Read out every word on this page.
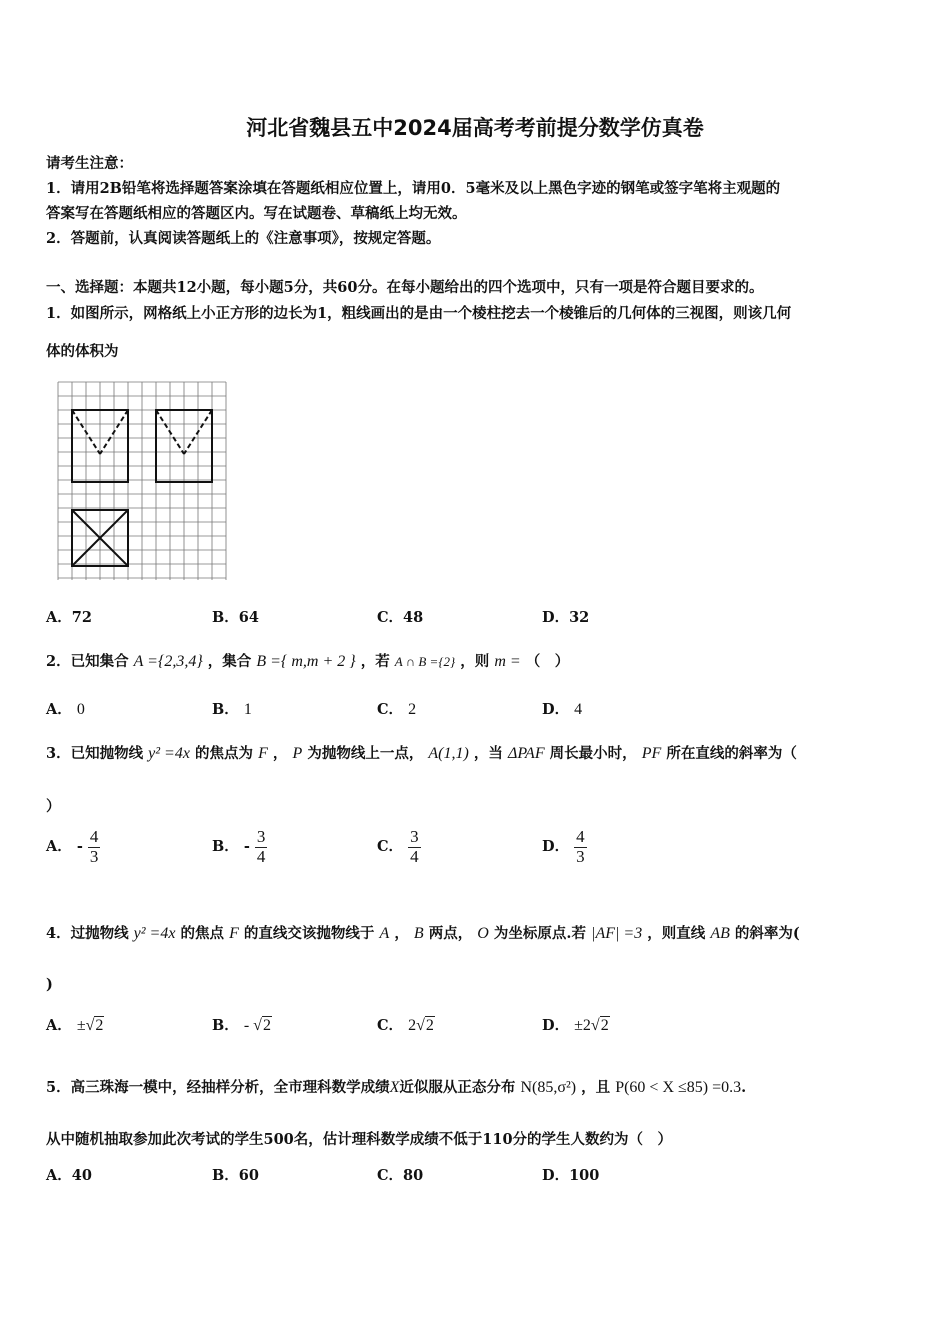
河北省魏县五中2024届高考考前提分数学仿真卷
请考生注意：
1．请用2B铅笔将选择题答案涂填在答题纸相应位置上，请用0．5毫米及以上黑色字迹的钢笔或签字笔将主观题的
答案写在答题纸相应的答题区内。写在试题卷、草稿纸上均无效。
2．答题前，认真阅读答题纸上的《注意事项》，按规定答题。
一、选择题：本题共12小题，每小题5分，共60分。在每小题给出的四个选项中，只有一项是符合题目要求的。
1．如图所示，网格纸上小正方形的边长为1，粗线画出的是由一个棱柱挖去一个棱锥后的几何体的三视图，则该几何
体的体积为
A．72	B．64	C．48	D．32
2．已知集合 A ={2,3,4} ，集合 B ={ m,m + 2 } ，若 A ∩ B ={2} ，则 m = （　）
A． 0	B． 1	C． 2	D． 4
3．已知抛物线 y² =4x 的焦点为 F ， P 为抛物线上一点， A(1,1) ，当 ΔPAF 周长最小时， PF 所在直线的斜率为（
）
A． - $\frac{4}{3}$	B． - $\frac{3}{4}$	C． $\frac{3}{4}$	D． $\frac{4}{3}$
4．过抛物线 y² =4x 的焦点 F 的直线交该抛物线于 A ， B 两点， O 为坐标原点.若 |AF| =3 ，则直线 AB 的斜率为(
)
A． ±√2	B． - √2	C． 2√2	D． ±2√2
5．高三珠海一模中，经抽样分析，全市理科数学成绩X近似服从正态分布 N(85,σ²) ，且 P(60 < X ≤85) =0.3.
从中随机抽取参加此次考试的学生500名，估计理科数学成绩不低于110分的学生人数约为（　）
A．40	B．60	C．80	D．100
